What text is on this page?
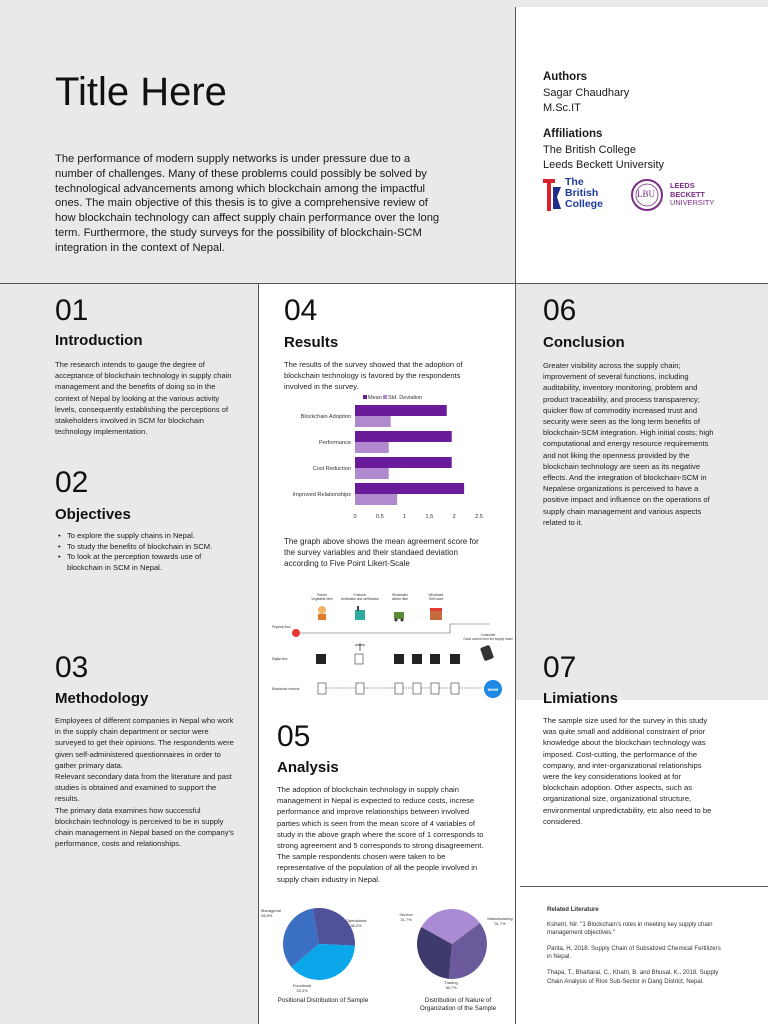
Title Here

The performance of modern supply networks is under pressure due to a number of challenges. Many of these problems could possibly be solved by technological advancements among which blockchain among the impactful ones. The main objective of this thesis is to give a comprehensive review of how blockchain technology can affect supply chain performance over the long term. Furthermore, the study surveys for the possibility of blockchain-SCM integration in the context of Nepal.

Authors
Sagar Chaudhary
M.Sc.IT
Affiliations
The British College
Leeds Beckett University
The
British
College
LBU
LEEDS
BECKETT
UNIVERSITY
01
Introduction

The research intends to gauge the degree of acceptance of blockchain technology in supply chain management and the benefits of doing so in the context of Nepal by looking at the various activity levels, consequently establishing the perceptions of stakeholders involved in SCM for blockchain technology implementation.

02
Objectives
• To explore the supply chains in Nepal.
• To study the benefits of blockchain in SCM.
• To look at the perception towards use of blockchain in SCM in Nepal.
03
Methodology

Employees of different companies in Nepal who work in the supply chain department or sector were surveyed to get their opinions. The respondents were given self-administered questionnaires in order to gather primary data.
Relevant secondary data from the literature and past studies is obtained and examined to support the results.
The primary data examines how successful blockchain technology is perceived to be in supply chain management in Nepal based on the company's performance, costs and relationships.

04
Results

The results of the survey showed that the adoption of blockchain technology is favored by the respondents involved in the survey.

Mean Std. Deviation
Blockchain Adoption
Performance
Cost Reduction
Improved Relationships
0	0.5	1	1.5	2	2.5

The graph above shows the mean agreement score for the survey variables and their standaed deviation according to Five Point Likert-Scale

Farmer
Vegetable farm
Producer
verification and certification
Wholesaler
deliver item
Wholesale
SUN store
Physical flow
Digital flow
Blockchain network
Consumer
Good comes from the supply chain
www
05
Analysis

The adoption of blockchain technology in supply chain management in Nepal is expected to reduce costs, increse performance and improve relationships between involved parties which is seen from the mean score of 4 variables of study in the above graph where the score of 1 corresponds to strong agreement and 5 corresponds to strong disagreement.
The sample respondents chosen were taken to be representative of the population of all the people involved in supply chain industry in Nepal.

Managerial 28.5%
Operational 38.2%
Functional 33.3%
Service 31.7%	Manufacturing 31.7%
Trading 36.7%
Positional Distribution of Sample	Distribution of Nature of Organization of the Sample
06
Conclusion

Greater visibility across the supply chain; improvement of several functions, including auditability, inventory monitoring, problem and product traceability, and process transparency; quicker flow of commodity increased trust and security were seen as the long term benefits of blockchain-SCM integration. High initial costs; high computational and energy resource requirements and not liking the openness provided by the blockchain technology are seen as its negative effects. And the integration of blockchain-SCM in Nepalese organizations is perceived to have a positive impact and influence on the operations of supply chain management and various aspects related to it.

07
Limiations

The sample size used for the survey in this study was quite small and additional constraint of prior knowledge about the blockchain technology was imposed. Cost-cutting, the performance of the company, and inter-organizational relationships were the key considerations looked at for blockchain adoption. Other aspects, such as organizational size, organizational structure, environmental unpredictability, etc also need to be considered.

Related Literature

Kshetri, Nir. "1 Blockchain's roles in meeting key supply chain management objectives."

Panta, H, 2018. Supply Chain of Subsidized Chemical Fertilizers in Nepal.

Thapa, T., Bhattarai, C., Khatri, B. and Bhusal, K., 2018. Supply Chain Analysis of Rice Sub-Sector in Dang District, Nepal.
